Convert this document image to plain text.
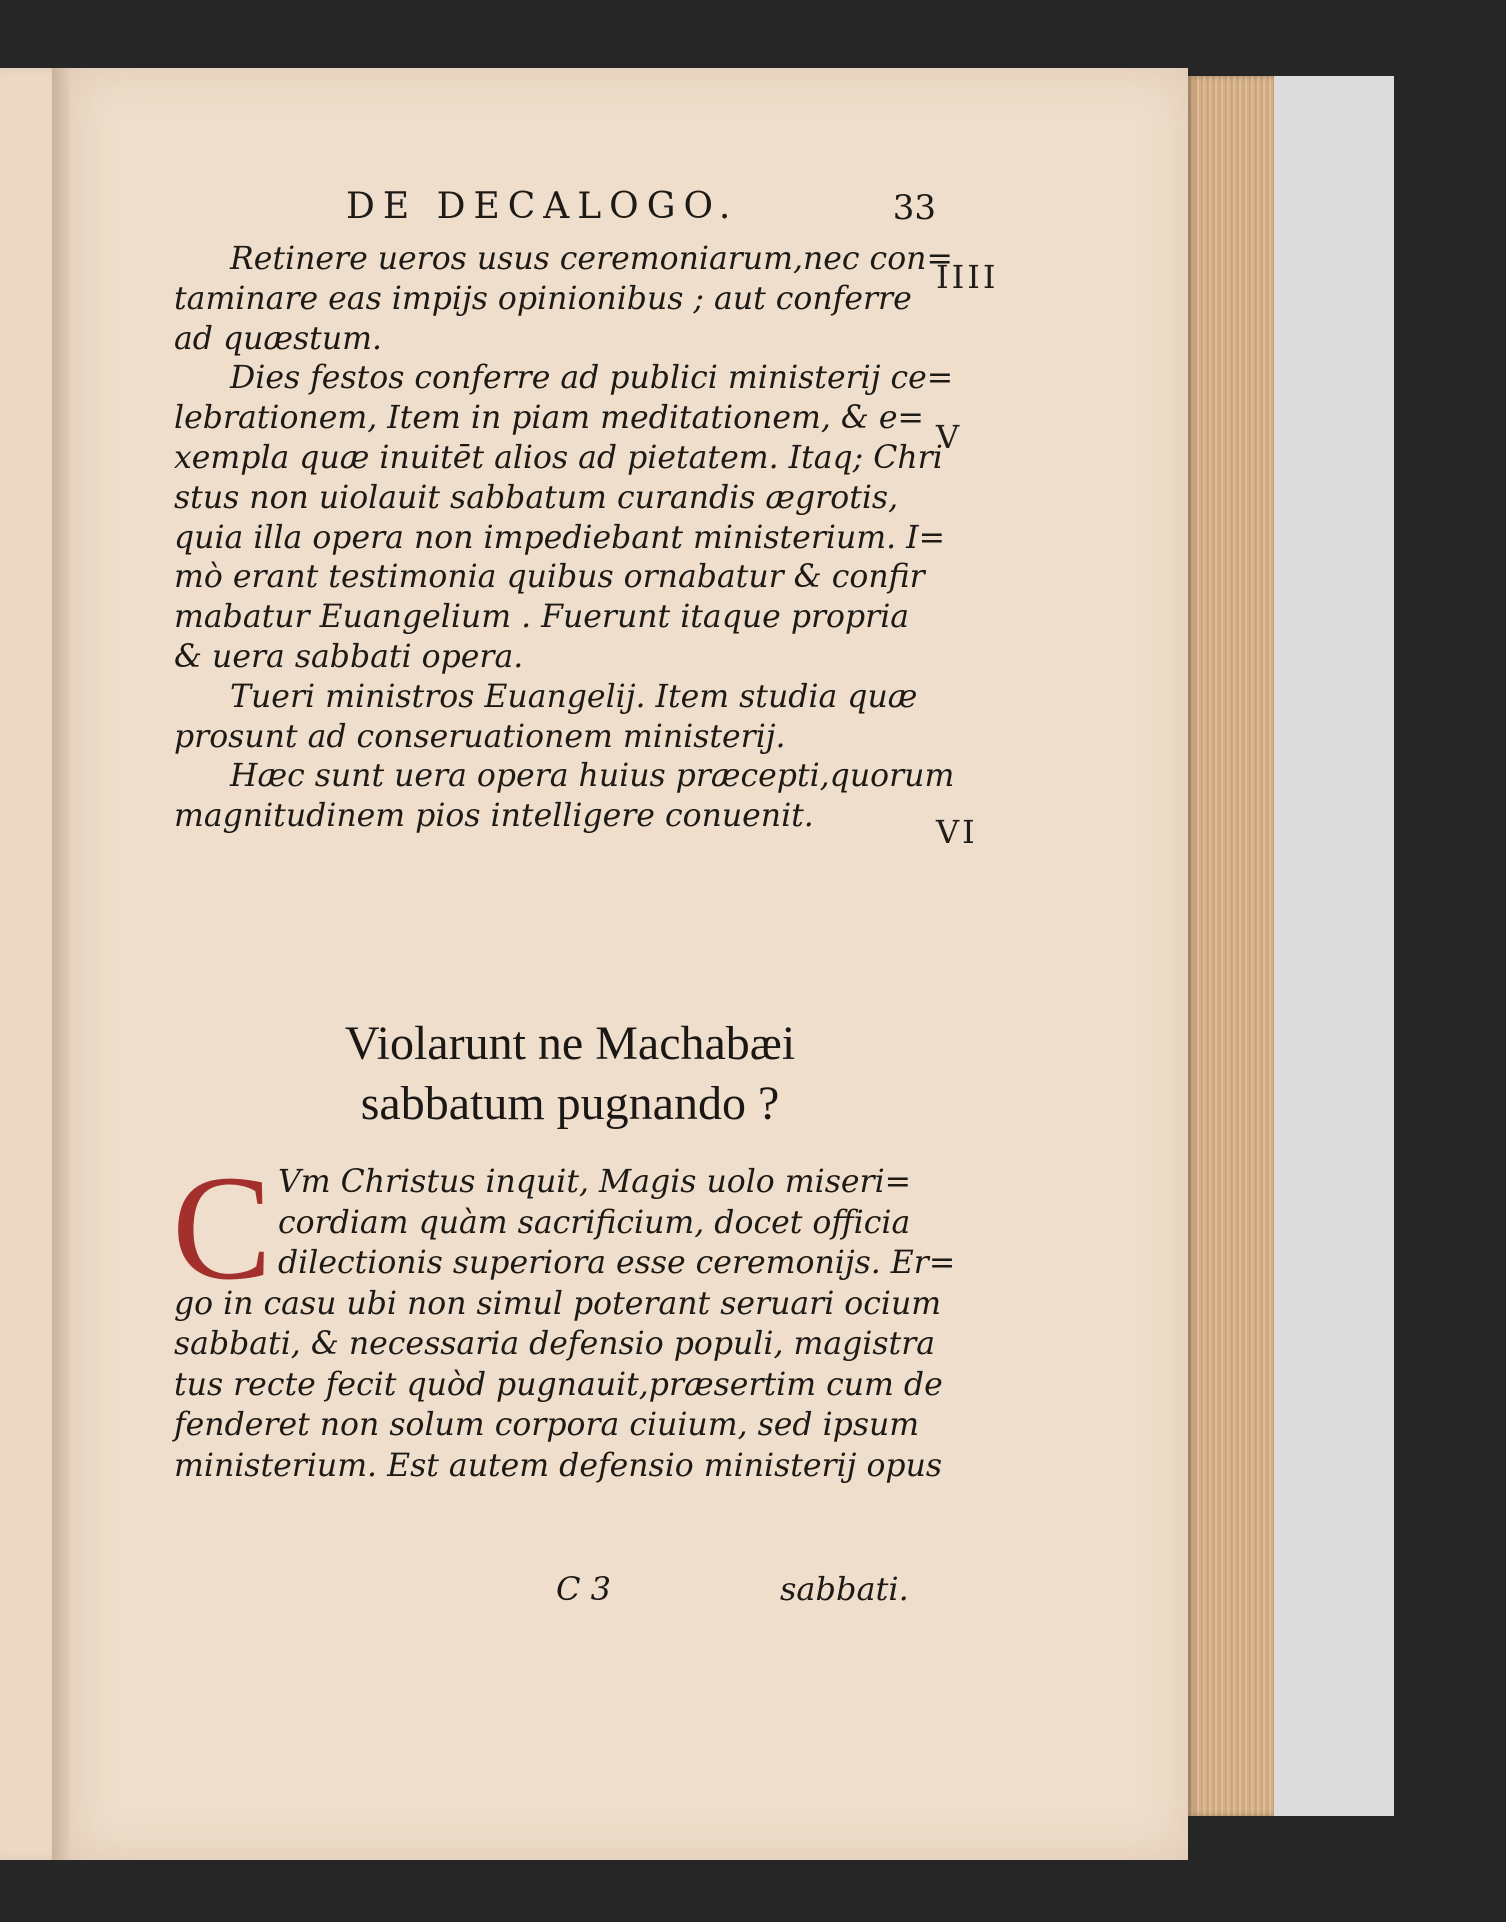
DE DECALOGO.	33
IIII
V
VI
Retinere ueros usus ceremoniarum,nec con=
taminare eas impijs opinionibus ; aut conferre
ad quæstum.
Dies festos conferre ad publici ministerij ce=
lebrationem, Item in piam meditationem, & e=
xempla quæ inuitēt alios ad pietatem. Itaq; Chri
stus non uiolauit sabbatum curandis ægrotis,
quia illa opera non impediebant ministerium. I=
mò erant testimonia quibus ornabatur & confir
mabatur Euangelium . Fuerunt itaque propria
& uera sabbati opera.
Tueri ministros Euangelij. Item studia quæ
prosunt ad conseruationem ministerij.
Hæc sunt uera opera huius præcepti,quorum
magnitudinem pios intelligere conuenit.
Violarunt ne Machabæi
sabbatum pugnando ?
C Vm Christus inquit, Magis uolo miseri=
cordiam quàm sacrificium, docet officia
dilectionis superiora esse ceremonijs. Er=
go in casu ubi non simul poterant seruari ocium
sabbati, & necessaria defensio populi, magistra
tus recte fecit quòd pugnauit,præsertim cum de
fenderet non solum corpora ciuium, sed ipsum
ministerium. Est autem defensio ministerij opus
C 3	sabbati.
